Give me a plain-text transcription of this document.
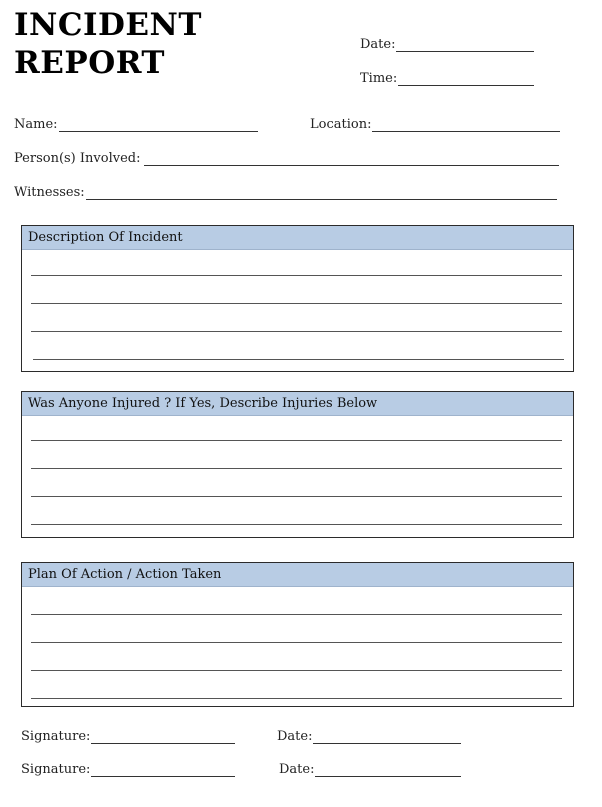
INCIDENT
REPORT
Date:
Time:
Name:	Location:
Person(s) Involved:
Witnesses:
Description Of Incident
Was Anyone Injured ? If Yes, Describe Injuries Below
Plan Of Action / Action Taken
Signature:	Date:
Signature:	Date:
